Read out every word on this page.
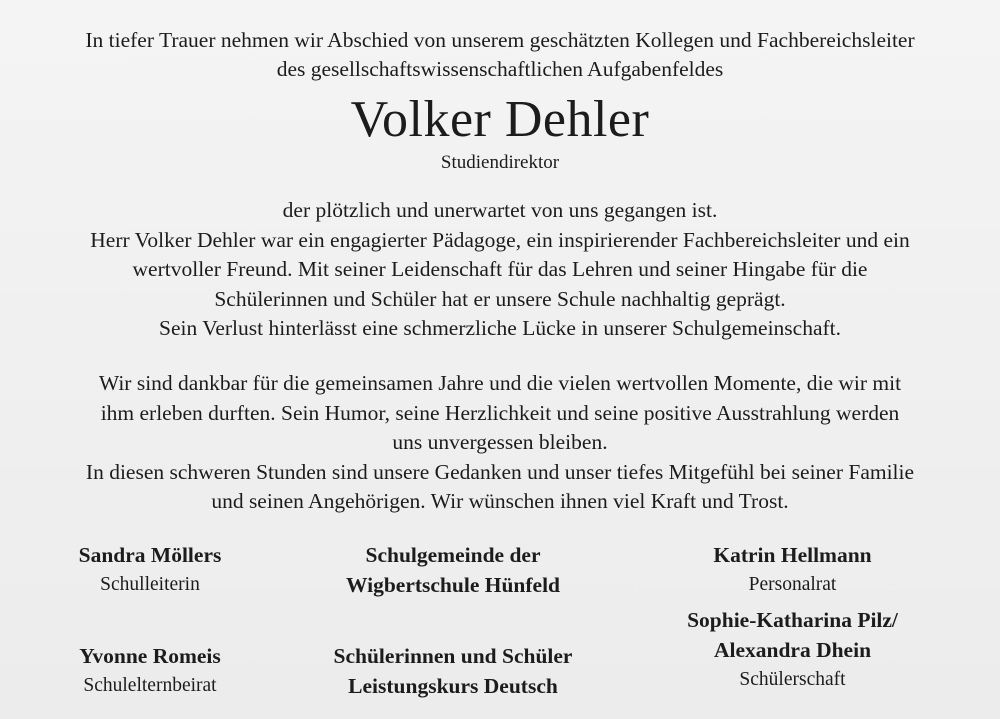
In tiefer Trauer nehmen wir Abschied von unserem geschätzten Kollegen und Fachbereichsleiter
des gesellschaftswissenschaftlichen Aufgabenfeldes
Volker Dehler
Studiendirektor
der plötzlich und unerwartet von uns gegangen ist.
Herr Volker Dehler war ein engagierter Pädagoge, ein inspirierender Fachbereichsleiter und ein
wertvoller Freund. Mit seiner Leidenschaft für das Lehren und seiner Hingabe für die
Schülerinnen und Schüler hat er unsere Schule nachhaltig geprägt.
Sein Verlust hinterlässt eine schmerzliche Lücke in unserer Schulgemeinschaft.
Wir sind dankbar für die gemeinsamen Jahre und die vielen wertvollen Momente, die wir mit
ihm erleben durften. Sein Humor, seine Herzlichkeit und seine positive Ausstrahlung werden
uns unvergessen bleiben.
In diesen schweren Stunden sind unsere Gedanken und unser tiefes Mitgefühl bei seiner Familie
und seinen Angehörigen. Wir wünschen ihnen viel Kraft und Trost.
Sandra Möllers
Schulleiterin
Yvonne Romeis
Schulelternbeirat
Schulgemeinde der
Wigbertschule Hünfeld
Schülerinnen und Schüler
Leistungskurs Deutsch
Katrin Hellmann
Personalrat
Sophie-Katharina Pilz/
Alexandra Dhein
Schülerschaft
